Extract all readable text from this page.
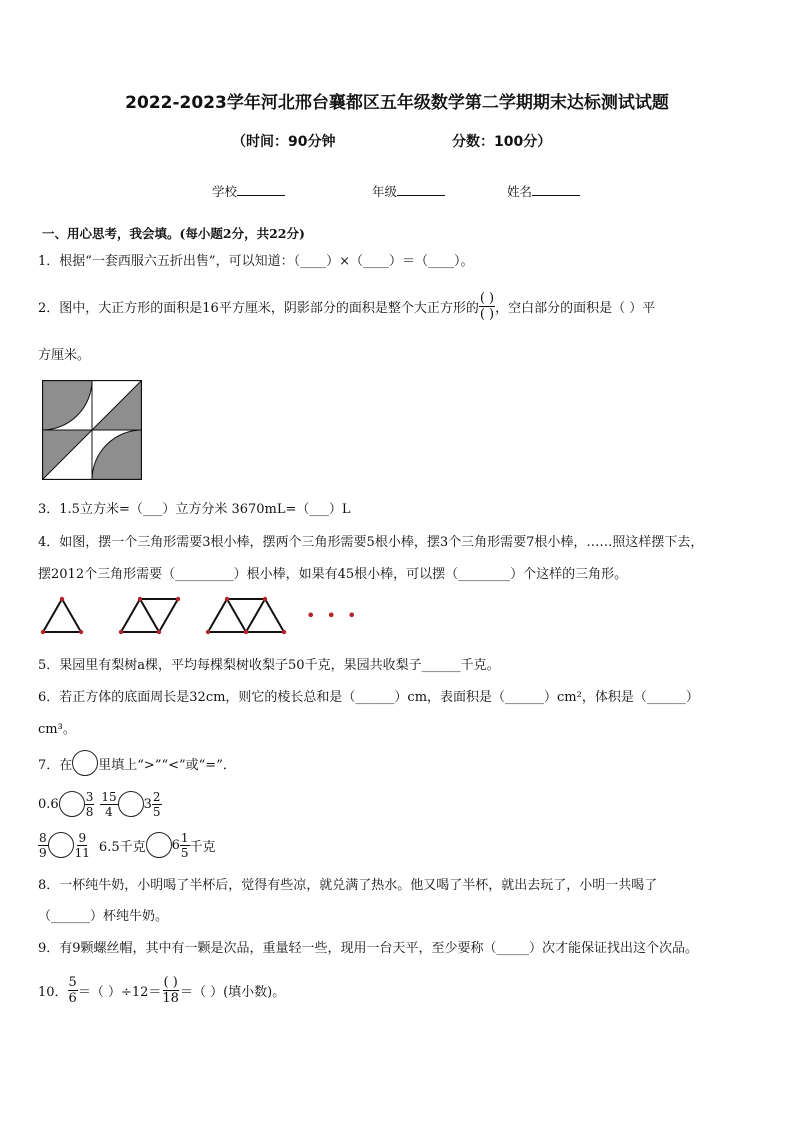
2022-2023学年河北邢台襄都区五年级数学第二学期期末达标测试试题
（时间：90分钟	分数：100分）
学校	年级	姓名
一、用心思考，我会填。(每小题2分，共22分)
1．根据“一套西服六五折出售”，可以知道：（____）×（____）＝（____）。
2．图中，大正方形的面积是16平方厘米，阴影部分的面积是整个大正方形的 $\frac{( )}{( )}$ ，空白部分的面积是（ ）平
方厘米。
3．1.5立方米=（___）立方分米 3670mL=（___）L
4．如图，摆一个三角形需要3根小棒，摆两个三角形需要5根小棒，摆3个三角形需要7根小棒，……照这样摆下去，
摆2012个三角形需要（_________）根小棒，如果有45根小棒，可以摆（________）个这样的三角形。
• • •
5．果园里有梨树a棵，平均每棵梨树收梨子50千克，果园共收梨子______千克。
6．若正方体的底面周长是32cm，则它的棱长总和是（______）cm，表面积是（______）cm²，体积是（______）
cm³。
7．在 里填上“>”“<”或“=”．
$0.6 \frac{3}{8} \frac{15}{4} 3 \frac{2}{5}$
$\frac{8}{9} \frac{9}{11} 6.5$千克 $6 \frac{1}{5}$ 千克
8．一杯纯牛奶，小明喝了半杯后，觉得有些凉，就兑满了热水。他又喝了半杯，就出去玩了，小明一共喝了
（______）杯纯牛奶。
9．有9颗螺丝帽，其中有一颗是次品，重量轻一些，现用一台天平，至少要称（_____）次才能保证找出这个次品。
10． $\frac{5}{6}$ ＝（ ）$\div 12= \frac{( )}{18}$ ＝（ ）(填小数)。
